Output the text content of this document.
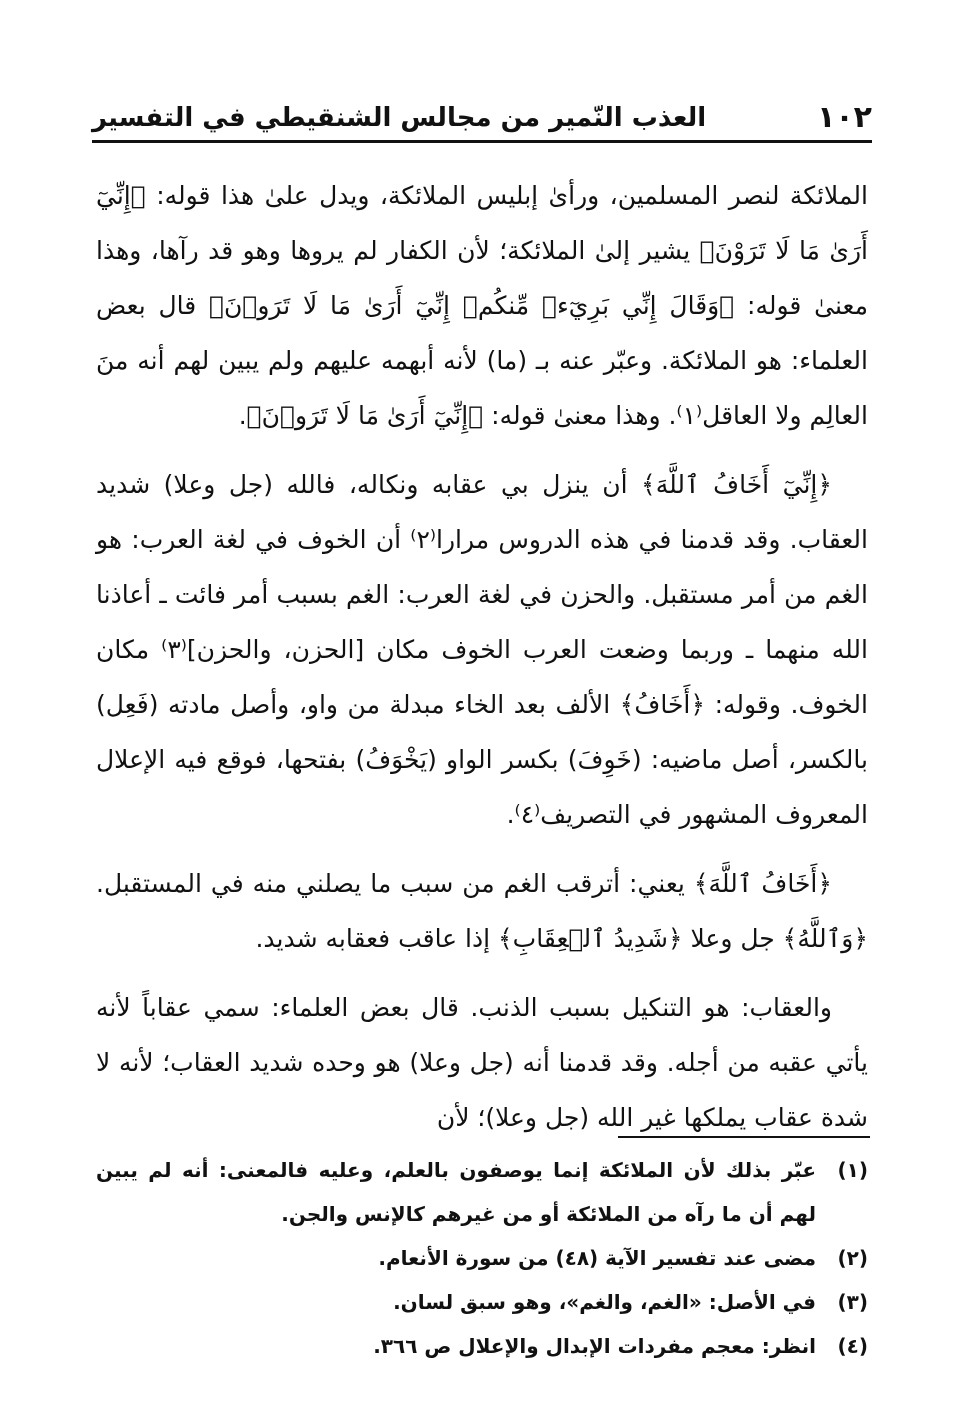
١٠٢
العذب النّمير من مجالس الشنقيطي في التفسير

الملائكة لنصر المسلمين، ورأىٰ إبليس الملائكة، ويدل علىٰ هذا قوله: ﴿إِنِّيٓ أَرَىٰ مَا لَا تَرَوْنَ﴾ يشير إلىٰ الملائكة؛ لأن الكفار لم يروها وهو قد رآها، وهذا معنىٰ قوله: ﴿وَقَالَ إِنِّي بَرِيٓءٞ مِّنكُمۡ إِنِّيٓ أَرَىٰ مَا لَا تَرَوۡنَ﴾ قال بعض العلماء: هو الملائكة. وعبّر عنه بـ (ما) لأنه أبهمه عليهم ولم يبين لهم أنه منَ العالِم ولا العاقل⁽١⁾. وهذا معنىٰ قوله: ﴿إِنِّيٓ أَرَىٰ مَا لَا تَرَوۡنَ﴾.

﴿إِنِّيٓ أَخَافُ ٱللَّهَ﴾ أن ينزل بي عقابه ونكاله، فالله (جل وعلا) شديد العقاب. وقد قدمنا في هذه الدروس مرارا⁽٢⁾ أن الخوف في لغة العرب: هو الغم من أمر مستقبل. والحزن في لغة العرب: الغم بسبب أمر فائت ـ أعاذنا الله منهما ـ وربما وضعت العرب الخوف مكان [الحزن، والحزن]⁽٣⁾ مكان الخوف. وقوله: ﴿أَخَافُ﴾ الألف بعد الخاء مبدلة من واو، وأصل مادته (فَعِل) بالكسر، أصل ماضيه: (خَوِفَ) بكسر الواو (يَخْوَفُ) بفتحها، فوقع فيه الإعلال المعروف المشهور في التصريف⁽٤⁾.

﴿أَخَافُ ٱللَّهَ﴾ يعني: أترقب الغم من سبب ما يصلني منه في المستقبل. ﴿وَٱللَّهُ﴾ جل وعلا ﴿شَدِيدُ ٱلۡعِقَابِ﴾ إذا عاقب فعقابه شديد.

والعقاب: هو التنكيل بسبب الذنب. قال بعض العلماء: سمي عقاباً لأنه يأتي عقبه من أجله. وقد قدمنا أنه (جل وعلا) هو وحده شديد العقاب؛ لأنه لا شدة عقاب يملكها غير الله (جل وعلا)؛ لأن

(١)
عبّر بذلك لأن الملائكة إنما يوصفون بالعلم، وعليه فالمعنى: أنه لم يبين لهم أن ما رآه من الملائكة أو من غيرهم كالإنس والجن.
(٢)
مضى عند تفسير الآية (٤٨) من سورة الأنعام.
(٣)
في الأصل: «الغم، والغم»، وهو سبق لسان.
(٤)
انظر: معجم مفردات الإبدال والإعلال ص ٣٦٦.
